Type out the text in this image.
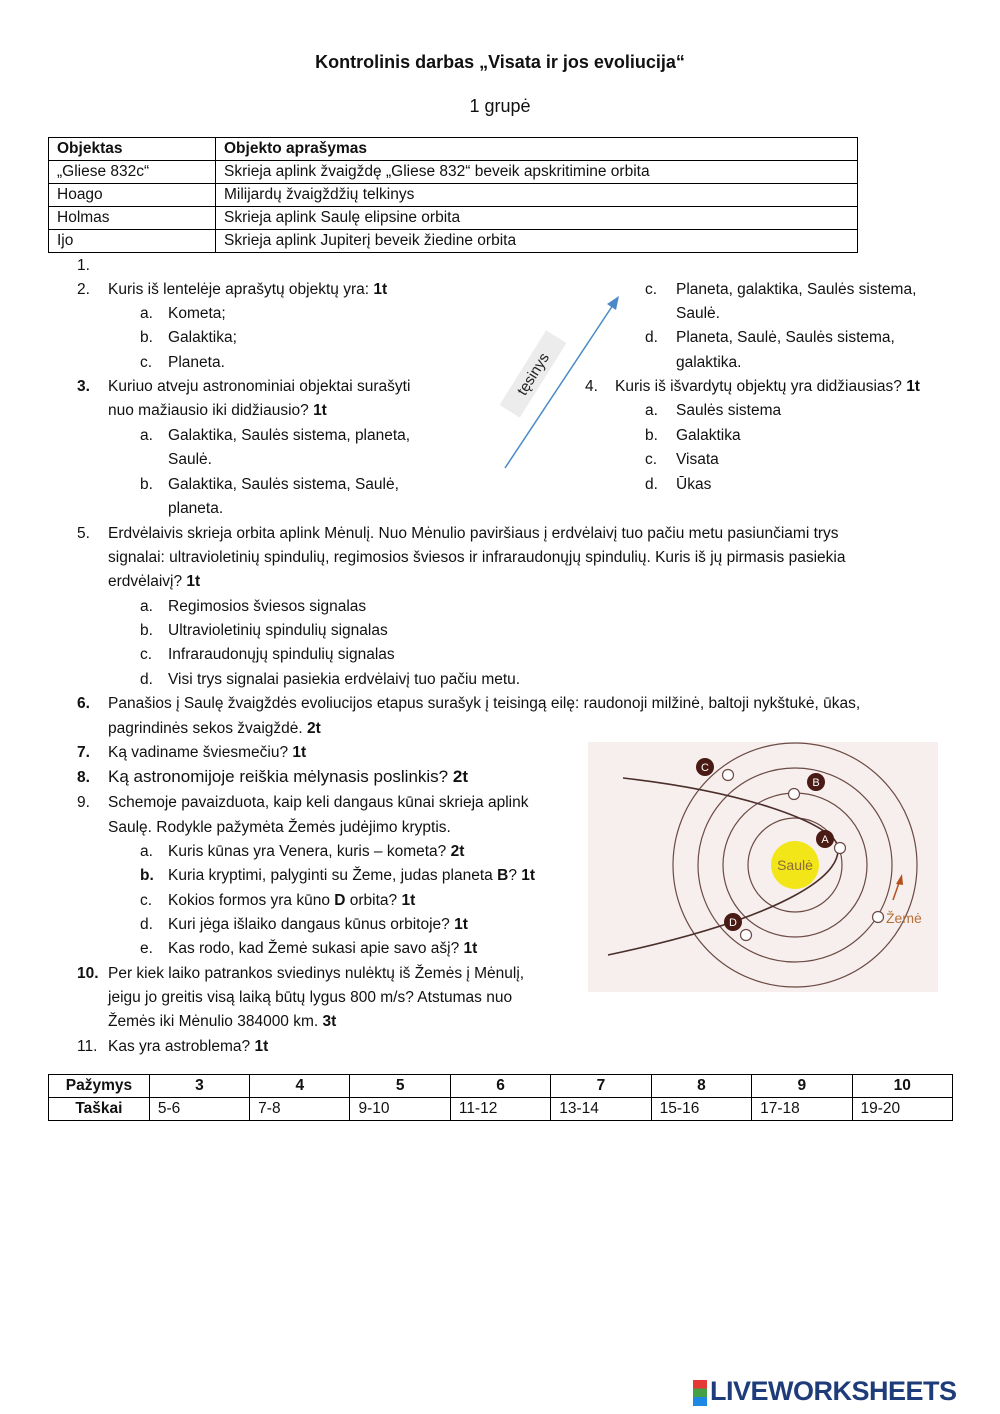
Kontrolinis darbas „Visata ir jos evoliucija“
1 grupė
Objektas	Objekto aprašymas
„Gliese 832c“	Skrieja aplink žvaigždę „Gliese 832“ beveik apskritimine orbita
Hoago	Milijardų žvaigždžių telkinys
Holmas	Skrieja aplink Saulę elipsine orbita
Ijo	Skrieja aplink Jupiterį beveik žiedine orbita
1.
2. Kuris iš lentelėje aprašytų objektų yra: 1t
a. Kometa;
b. Galaktika;
c. Planeta.
3. Kuriuo atveju astronominiai objektai surašyti
nuo mažiausio iki didžiausio? 1t
a. Galaktika, Saulės sistema, planeta,
Saulė.
b. Galaktika, Saulės sistema, Saulė,
planeta.
c. Planeta, galaktika, Saulės sistema,
Saulė.
d. Planeta, Saulė, Saulės sistema,
galaktika.
tęsinys 4. Kuris iš išvardytų objektų yra didžiausias? 1t
a. Saulės sistema
b. Galaktika
c. Visata
d. Ūkas
5. Erdvėlaivis skrieja orbita aplink Mėnulį. Nuo Mėnulio paviršiaus į erdvėlaivį tuo pačiu metu pasiunčiami trys
signalai: ultravioletinių spindulių, regimosios šviesos ir infraraudonųjų spindulių. Kuris iš jų pirmasis pasiekia
erdvėlaivį? 1t
a. Regimosios šviesos signalas
b. Ultravioletinių spindulių signalas
c. Infraraudonųjų spindulių signalas
d. Visi trys signalai pasiekia erdvėlaivį tuo pačiu metu.
6. Panašios į Saulę žvaigždės evoliucijos etapus surašyk į teisingą eilę: raudonoji milžinė, baltoji nykštukė, ūkas,
pagrindinės sekos žvaigždė. 2t
7. Ką vadiname šviesmečiu? 1t
8. Ką astronomijoje reiškia mėlynasis poslinkis? 2t
9. Schemoje pavaizduota, kaip keli dangaus kūnai skrieja aplink
Saulę. Rodykle pažymėta Žemės judėjimo kryptis.
a. Kuris kūnas yra Venera, kuris – kometa? 2t
b. Kuria kryptimi, palyginti su Žeme, judas planeta B? 1t
c. Kokios formos yra kūno D orbita? 1t
d. Kuri jėga išlaiko dangaus kūnus orbitoje? 1t
e. Kas rodo, kad Žemė sukasi apie savo ašį? 1t
10. Per kiek laiko patrankos sviedinys nulėktų iš Žemės į Mėnulį,
jeigu jo greitis visą laiką būtų lygus 800 m/s? Atstumas nuo
Žemės iki Mėnulio 384000 km. 3t
11. Kas yra astroblema? 1t
Saulė
A
B
C
D	Žemė
Pažymys	3	4	5	6	7	8	9	10
Taškai	5-6	7-8	9-10	11-12	13-14	15-16	17-18	19-20
LIVEWORKSHEETS
